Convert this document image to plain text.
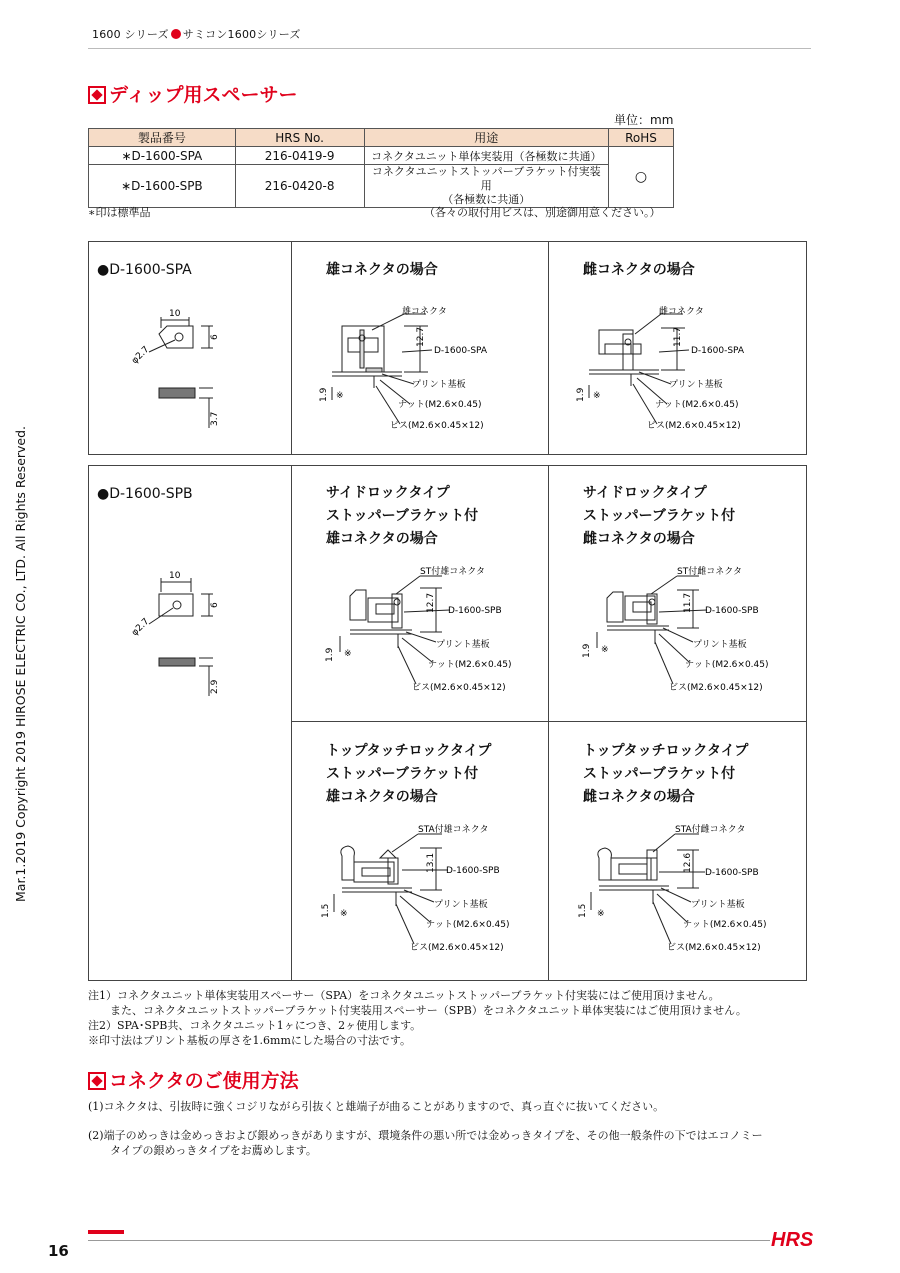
1600 シリーズ サミコン1600シリーズ
ディップ用スペーサー
単位：mm
製品番号	HRS No.	用途	RoHS
∗D-1600-SPA	216-0419-9	コネクタユニット単体実装用（各極数に共通）	○
∗D-1600-SPB	216-0420-8	コネクタユニットストッパーブラケット付実装用
（各極数に共通）	
∗印は標準品	（各々の取付用ビスは、別途御用意ください。）
●D-1600-SPA
10
6
φ2.7
3.7
雄コネクタの場合
雄コネクタ
12.7
D-1600-SPA
プリント基板
ナット(M2.6×0.45)
ビス(M2.6×0.45×12)
1.9 ※
雌コネクタの場合
雌コネクタ
11.7
D-1600-SPA
プリント基板
ナット(M2.6×0.45)
ビス(M2.6×0.45×12)
1.9 ※
●D-1600-SPB
10
6
φ2.7
2.9
サイドロックタイプ
ストッパーブラケット付
雄コネクタの場合
ST付雄コネクタ
12.7 D-1600-SPB
プリント基板
ナット(M2.6×0.45)
ビス(M2.6×0.45×12)
1.9 ※
サイドロックタイプ
ストッパーブラケット付
雌コネクタの場合
ST付雌コネクタ
11.7 D-1600-SPB
プリント基板
ナット(M2.6×0.45)
ビス(M2.6×0.45×12)
1.9 ※
トップタッチロックタイプ
ストッパーブラケット付
雄コネクタの場合
STA付雄コネクタ
13.1 D-1600-SPB
プリント基板
ナット(M2.6×0.45)
ビス(M2.6×0.45×12)
1.5 ※
トップタッチロックタイプ
ストッパーブラケット付
雌コネクタの場合
STA付雌コネクタ
12.6 D-1600-SPB
プリント基板
ナット(M2.6×0.45)
ビス(M2.6×0.45×12)
1.5 ※
注1）コネクタユニット単体実装用スペーサー（SPA）をコネクタユニットストッパーブラケット付実装にはご使用頂けません。
　　また、コネクタユニットストッパーブラケット付実装用スペーサー（SPB）をコネクタユニット単体実装にはご使用頂けません。
注2）SPA･SPB共、コネクタユニット1ヶにつき、2ヶ使用します。
※印寸法はプリント基板の厚さを1.6mmにした場合の寸法です。
コネクタのご使用方法
(1)コネクタは、引抜時に強くコジリながら引抜くと雄端子が曲ることがありますので、真っ直ぐに抜いてください。
(2)端子のめっきは金めっきおよび銀めっきがありますが、環境条件の悪い所では金めっきタイプを、その他一般条件の下ではエコノミー
　　タイプの銀めっきタイプをお薦めします。
Mar.1.2019 Copyright 2019 HIROSE ELECTRIC CO., LTD. All Rights Reserved.
16	HRS
